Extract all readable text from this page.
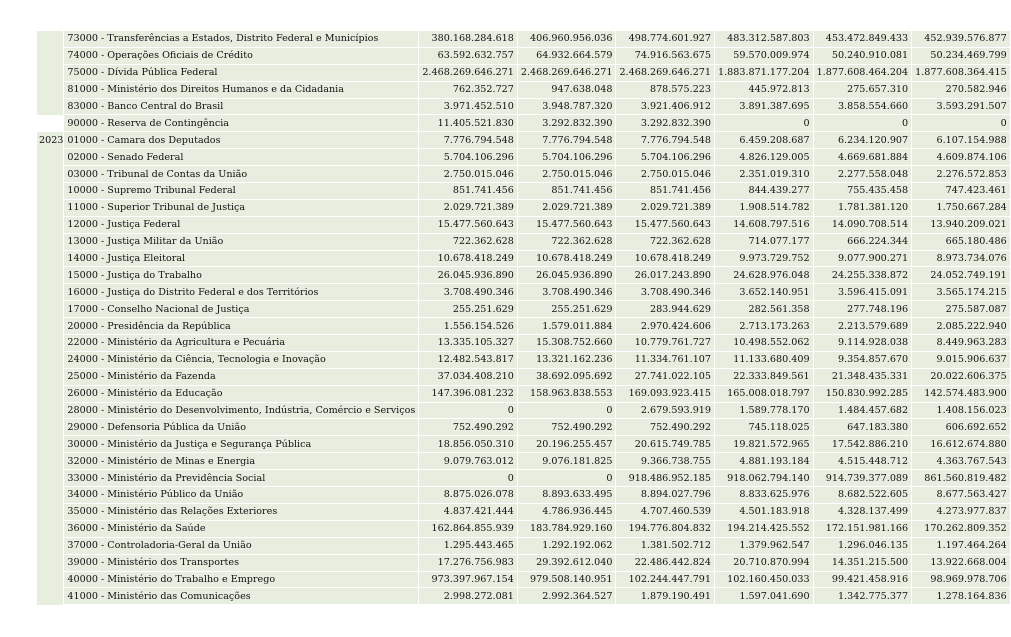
	73000 - Transferências a Estados, Distrito Federal e Municípios	380.168.284.618	406.960.956.036	498.774.601.927	483.312.587.803	453.472.849.433	452.939.576.877
	74000 - Operações Oficiais de Crédito	63.592.632.757	64.932.664.579	74.916.563.675	59.570.009.974	50.240.910.081	50.234.469.799
	75000 - Dívida Pública Federal	2.468.269.646.271	2.468.269.646.271	2.468.269.646.271	1.883.871.177.204	1.877.608.464.204	1.877.608.364.415
	81000 - Ministério dos Direitos Humanos e da Cidadania	762.352.727	947.638.048	878.575.223	445.972.813	275.657.310	270.582.946
	83000 - Banco Central do Brasil	3.971.452.510	3.948.787.320	3.921.406.912	3.891.387.695	3.858.554.660	3.593.291.507
	90000 - Reserva de Contingência	11.405.521.830	3.292.832.390	3.292.832.390	0	0	0
2023	01000 - Camara dos Deputados	7.776.794.548	7.776.794.548	7.776.794.548	6.459.208.687	6.234.120.907	6.107.154.988
	02000 - Senado Federal	5.704.106.296	5.704.106.296	5.704.106.296	4.826.129.005	4.669.681.884	4.609.874.106
	03000 - Tribunal de Contas da União	2.750.015.046	2.750.015.046	2.750.015.046	2.351.019.310	2.277.558.048	2.276.572.853
	10000 - Supremo Tribunal Federal	851.741.456	851.741.456	851.741.456	844.439.277	755.435.458	747.423.461
	11000 - Superior Tribunal de Justiça	2.029.721.389	2.029.721.389	2.029.721.389	1.908.514.782	1.781.381.120	1.750.667.284
	12000 - Justiça Federal	15.477.560.643	15.477.560.643	15.477.560.643	14.608.797.516	14.090.708.514	13.940.209.021
	13000 - Justiça Militar da União	722.362.628	722.362.628	722.362.628	714.077.177	666.224.344	665.180.486
	14000 - Justiça Eleitoral	10.678.418.249	10.678.418.249	10.678.418.249	9.973.729.752	9.077.900.271	8.973.734.076
	15000 - Justiça do Trabalho	26.045.936.890	26.045.936.890	26.017.243.890	24.628.976.048	24.255.338.872	24.052.749.191
	16000 - Justiça do Distrito Federal e dos Territórios	3.708.490.346	3.708.490.346	3.708.490.346	3.652.140.951	3.596.415.091	3.565.174.215
	17000 - Conselho Nacional de Justiça	255.251.629	255.251.629	283.944.629	282.561.358	277.748.196	275.587.087
	20000 - Presidência da República	1.556.154.526	1.579.011.884	2.970.424.606	2.713.173.263	2.213.579.689	2.085.222.940
	22000 - Ministério da Agricultura e Pecuária	13.335.105.327	15.308.752.660	10.779.761.727	10.498.552.062	9.114.928.038	8.449.963.283
	24000 - Ministério da Ciência, Tecnologia e Inovação	12.482.543.817	13.321.162.236	11.334.761.107	11.133.680.409	9.354.857.670	9.015.906.637
	25000 - Ministério da Fazenda	37.034.408.210	38.692.095.692	27.741.022.105	22.333.849.561	21.348.435.331	20.022.606.375
	26000 - Ministério da Educação	147.396.081.232	158.963.838.553	169.093.923.415	165.008.018.797	150.830.992.285	142.574.483.900
	28000 - Ministério do Desenvolvimento, Indústria, Comércio e Serviços	0	0	2.679.593.919	1.589.778.170	1.484.457.682	1.408.156.023
	29000 - Defensoria Pública da União	752.490.292	752.490.292	752.490.292	745.118.025	647.183.380	606.692.652
	30000 - Ministério da Justiça e Segurança Pública	18.856.050.310	20.196.255.457	20.615.749.785	19.821.572.965	17.542.886.210	16.612.674.880
	32000 - Ministério de Minas e Energia	9.079.763.012	9.076.181.825	9.366.738.755	4.881.193.184	4.515.448.712	4.363.767.543
	33000 - Ministério da Previdência Social	0	0	918.486.952.185	918.062.794.140	914.739.377.089	861.560.819.482
	34000 - Ministério Público da União	8.875.026.078	8.893.633.495	8.894.027.796	8.833.625.976	8.682.522.605	8.677.563.427
	35000 - Ministério das Relações Exteriores	4.837.421.444	4.786.936.445	4.707.460.539	4.501.183.918	4.328.137.499	4.273.977.837
	36000 - Ministério da Saúde	162.864.855.939	183.784.929.160	194.776.804.832	194.214.425.552	172.151.981.166	170.262.809.352
	37000 - Controladoria-Geral da União	1.295.443.465	1.292.192.062	1.381.502.712	1.379.962.547	1.296.046.135	1.197.464.264
	39000 - Ministério dos Transportes	17.276.756.983	29.392.612.040	22.486.442.824	20.710.870.994	14.351.215.500	13.922.668.004
	40000 - Ministério do Trabalho e Emprego	973.397.967.154	979.508.140.951	102.244.447.791	102.160.450.033	99.421.458.916	98.969.978.706
	41000 - Ministério das Comunicações	2.998.272.081	2.992.364.527	1.879.190.491	1.597.041.690	1.342.775.377	1.278.164.836
